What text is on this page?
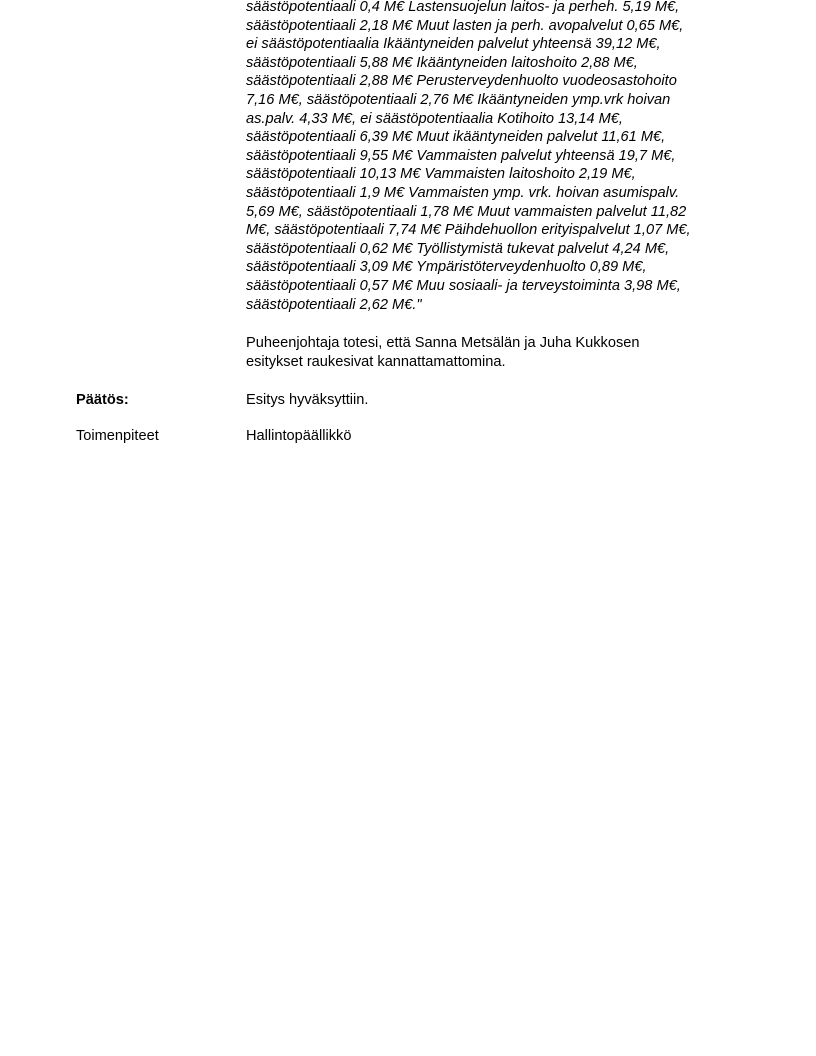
säästöpotentiaali 0,4 M€ Lastensuojelun laitos- ja perheh. 5,19 M€,
säästöpotentiaali 2,18 M€ Muut lasten ja perh. avopalvelut 0,65 M€,
ei säästöpotentiaalia Ikääntyneiden palvelut yhteensä 39,12 M€,
säästöpotentiaali 5,88 M€ Ikääntyneiden laitoshoito 2,88 M€,
säästöpotentiaali 2,88 M€ Perusterveydenhuolto vuodeosastohoito
7,16 M€, säästöpotentiaali 2,76 M€ Ikääntyneiden ymp.vrk hoivan
as.palv. 4,33 M€, ei säästöpotentiaalia Kotihoito 13,14 M€,
säästöpotentiaali 6,39 M€ Muut ikääntyneiden palvelut 11,61 M€,
säästöpotentiaali 9,55 M€ Vammaisten palvelut yhteensä 19,7 M€,
säästöpotentiaali 10,13 M€ Vammaisten laitoshoito 2,19 M€,
säästöpotentiaali 1,9 M€ Vammaisten ymp. vrk. hoivan asumispalv.
5,69 M€, säästöpotentiaali 1,78 M€ Muut vammaisten palvelut 11,82
M€, säästöpotentiaali 7,74 M€ Päihdehuollon erityispalvelut 1,07 M€,
säästöpotentiaali 0,62 M€ Työllistymistä tukevat palvelut 4,24 M€,
säästöpotentiaali 3,09 M€ Ympäristöterveydenhuolto 0,89 M€,
säästöpotentiaali 0,57 M€ Muu sosiaali- ja terveystoiminta 3,98 M€,
säästöpotentiaali 2,62 M€."
Puheenjohtaja totesi, että Sanna Metsälän ja Juha Kukkosen
esitykset raukesivat kannattamattomina.
Päätös:	Esitys hyväksyttiin.
Toimenpiteet	Hallintopäällikkö
